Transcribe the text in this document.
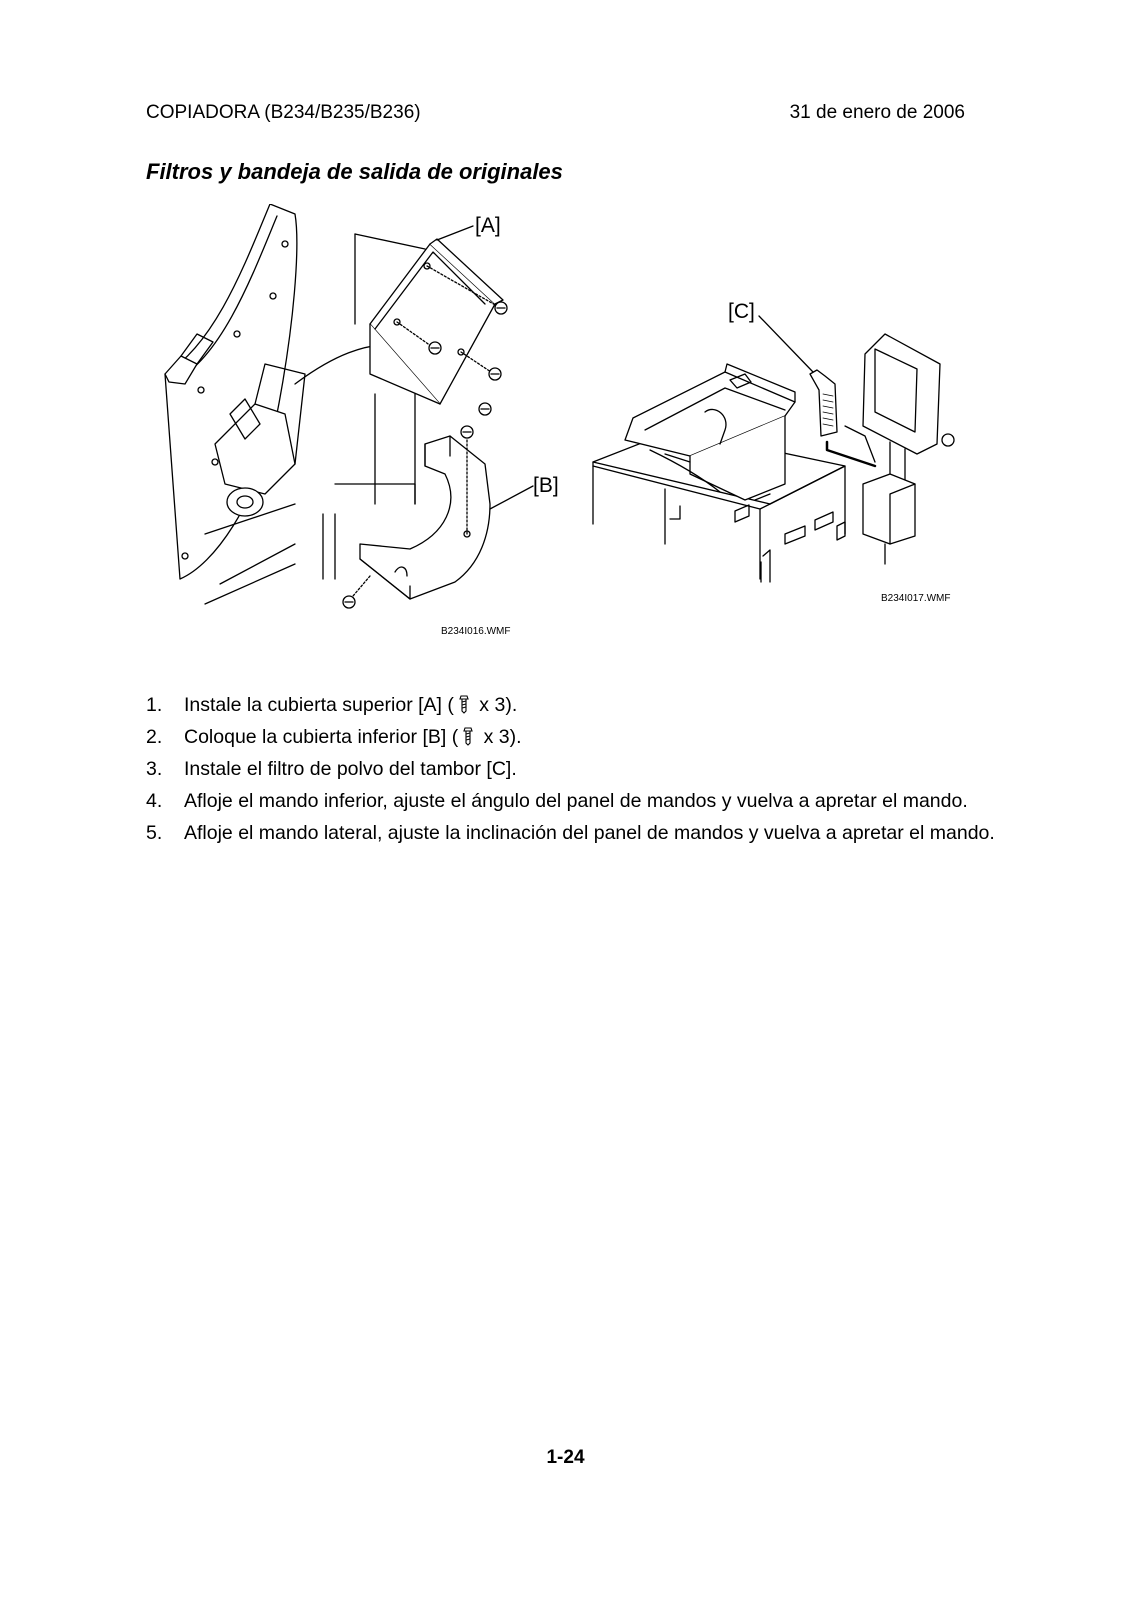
COPIADORA (B234/B235/B236)	31 de enero de 2006
Filtros y bandeja de salida de originales
[A]
[B]
B234I016.WMF
[C]
B234I017.WMF
1. Instale la cubierta superior [A] ( x 3).
2. Coloque la cubierta inferior [B] ( x 3).
3. Instale el filtro de polvo del tambor [C].
4. Afloje el mando inferior, ajuste el ángulo del panel de mandos y vuelva a apretar el mando.
5. Afloje el mando lateral, ajuste la inclinación del panel de mandos y vuelva a apretar el mando.
1-24
